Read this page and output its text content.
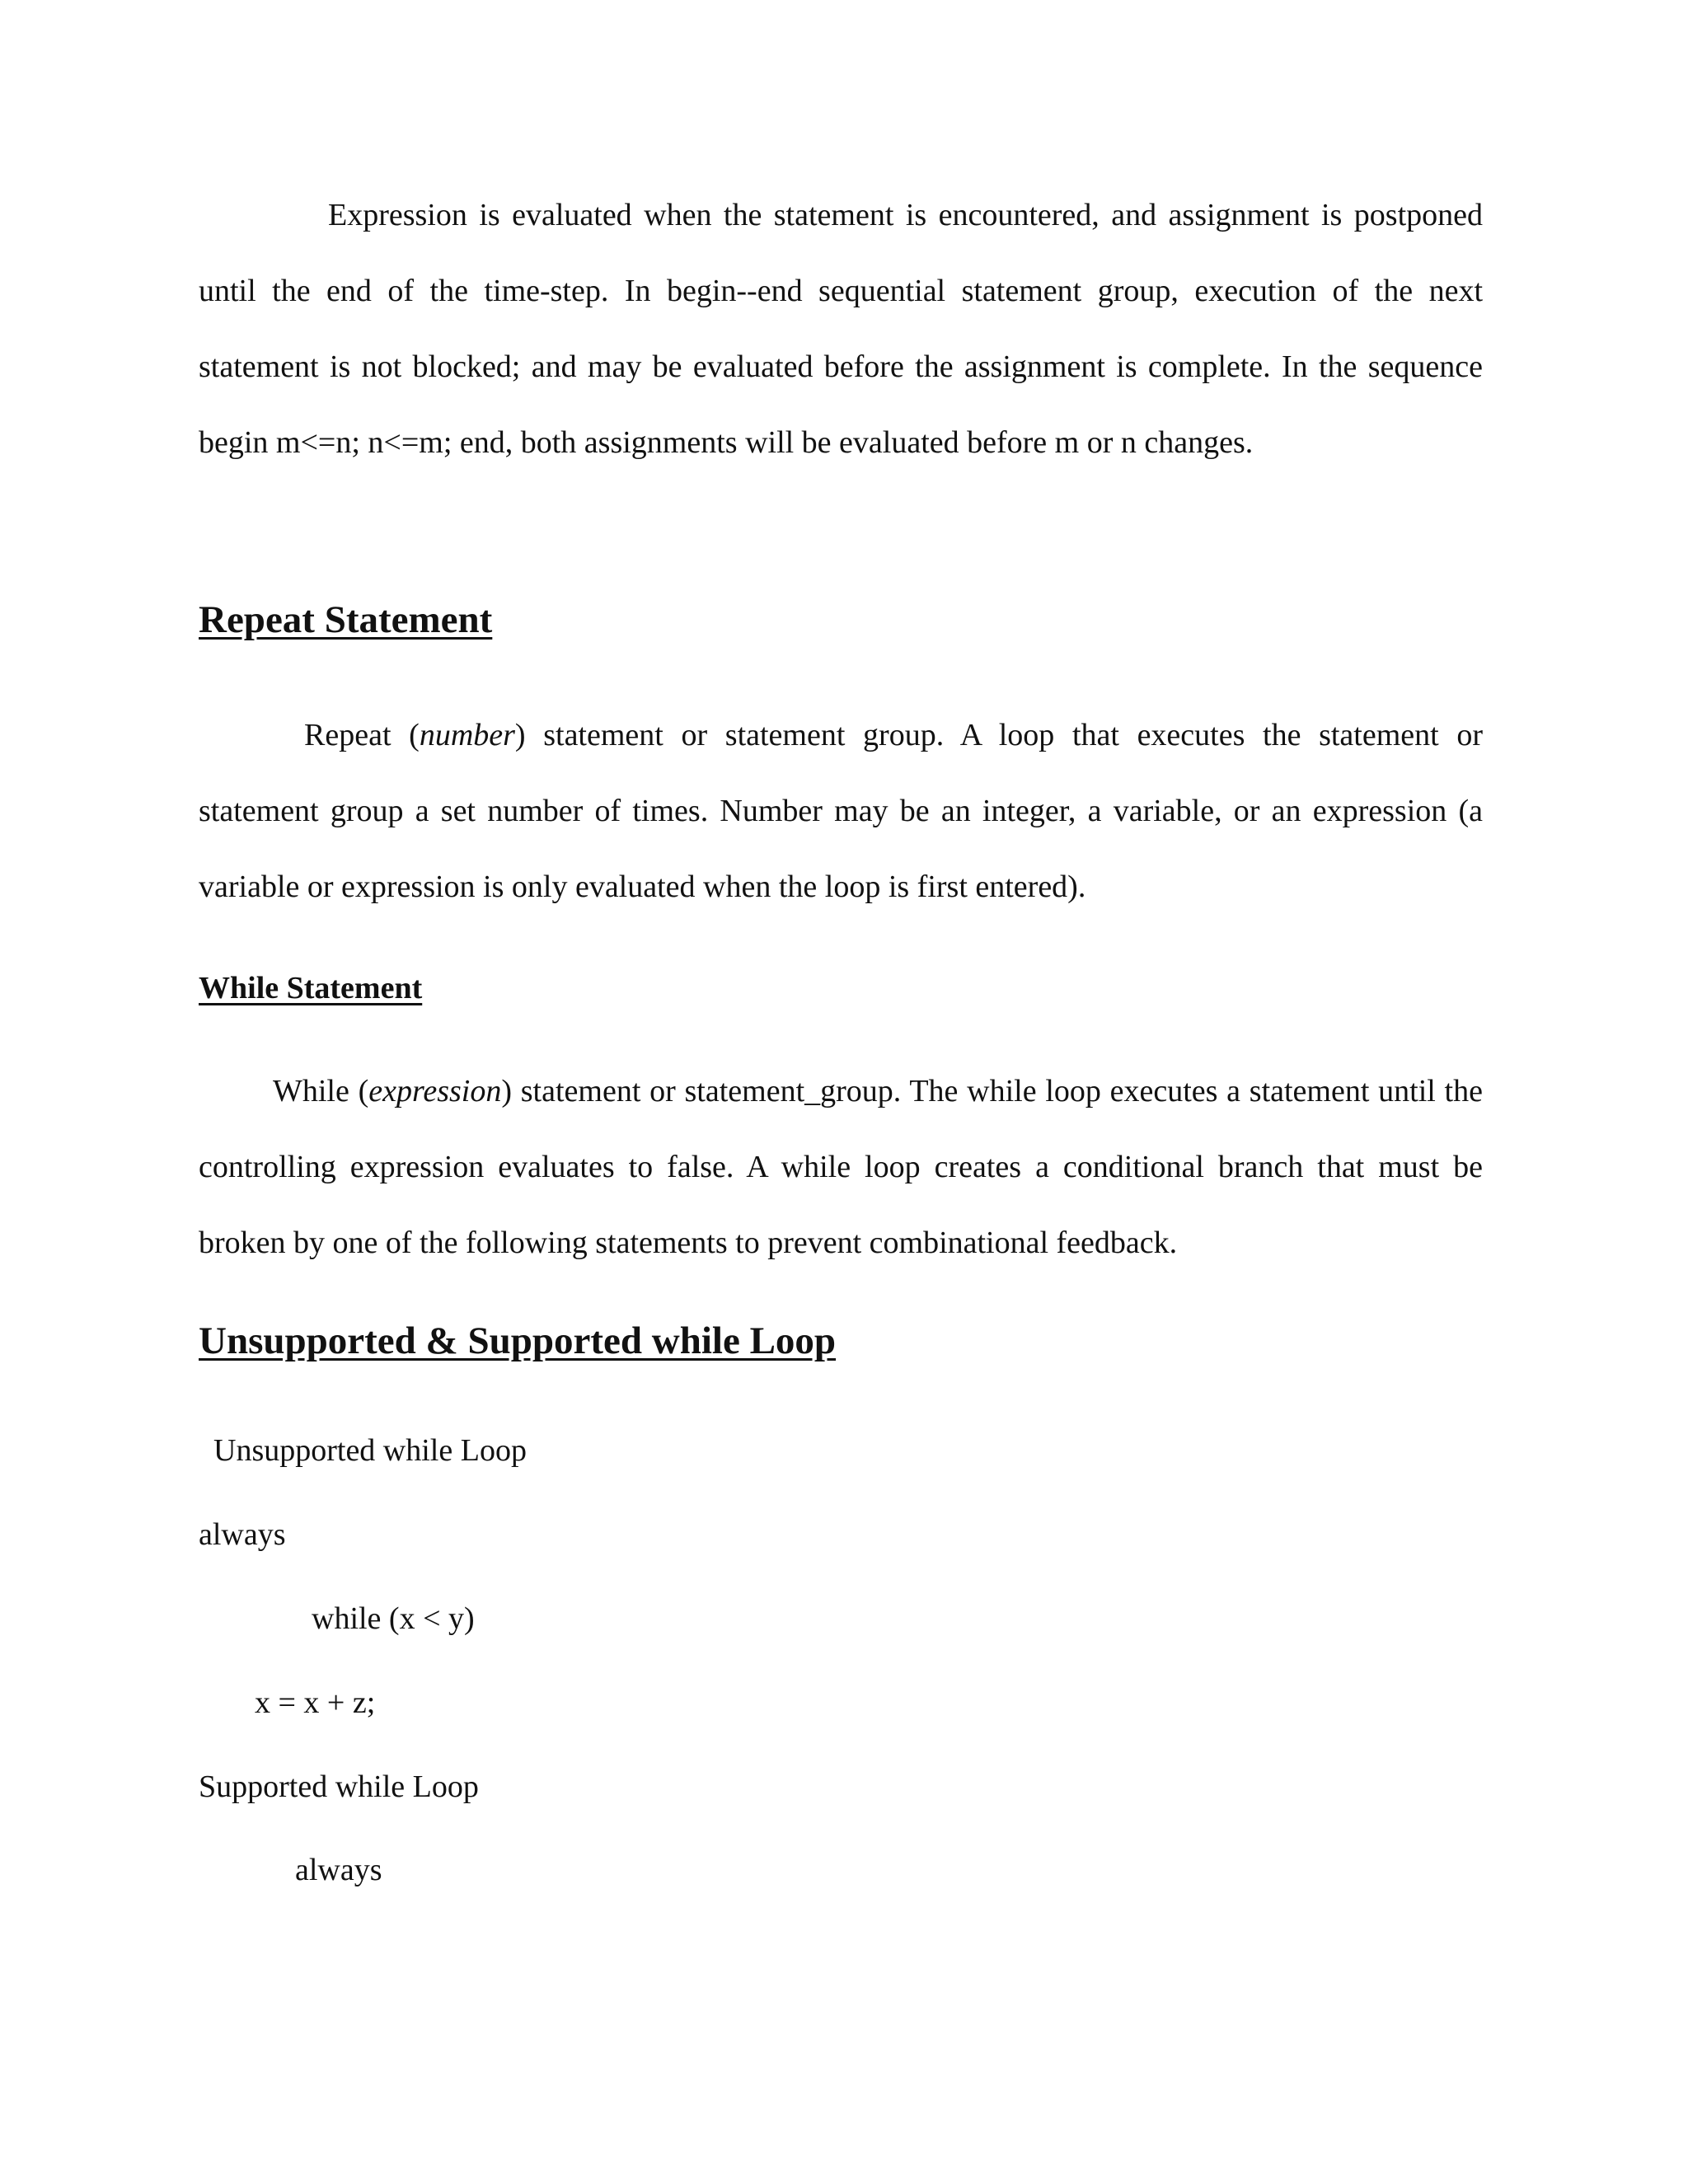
Expression is evaluated when the statement is encountered, and assignment is postponed until the end of the time-step. In begin--end sequential statement group, execution of the next statement is not blocked; and may be evaluated before the assignment is complete. In the sequence begin m<=n; n<=m; end, both assignments will be evaluated before m or n changes.

Repeat Statement

Repeat (number) statement or statement group. A loop that executes the statement or statement group a set number of times. Number may be an integer, a variable, or an expression (a variable or expression is only evaluated when the loop is first entered).

While Statement

While (expression) statement or statement_group. The while loop executes a statement until the controlling expression evaluates to false. A while loop creates a conditional branch that must be broken by one of the following statements to prevent combinational feedback.

Unsupported & Supported while Loop

Unsupported while Loop

always

while (x < y)

x = x + z;

Supported while Loop

always
